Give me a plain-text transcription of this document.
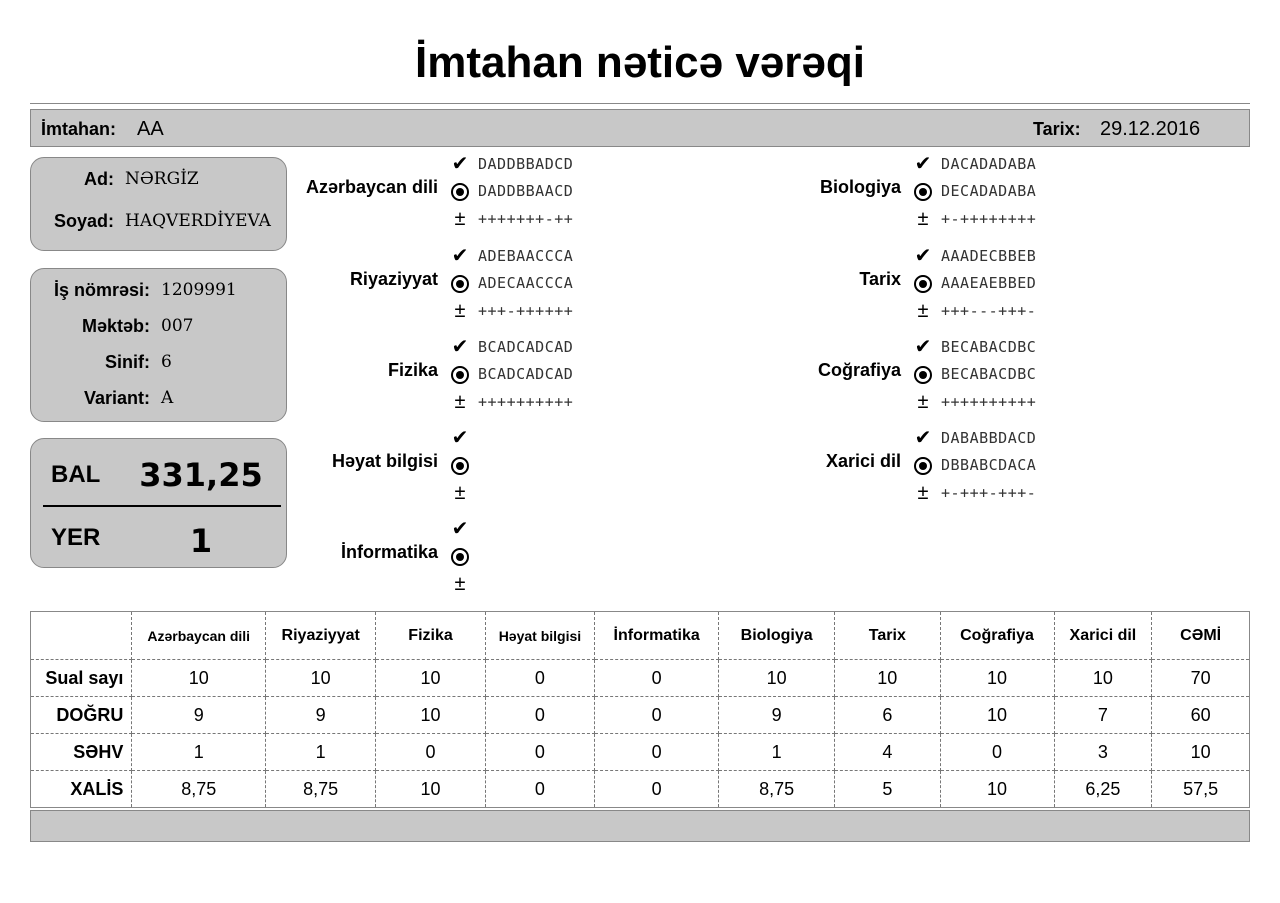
İmtahan nəticə vərəqi
İmtahan: AA	Tarix: 29.12.2016
Ad: NƏRGİZ
Soyad: HAQVERDİYEVA
İş nömrəsi: 1209991
Məktəb: 007
Sinif: 6
Variant: A
BAL	331,25
YER	1
Azərbaycan dili
✔ DADDBBADCD
DADDBBAACD
± +++++++-++
Riyaziyyat
✔ ADEBAACCCA
ADECAACCCA
± +++-++++++
Fizika
✔ BCADCADCAD
BCADCADCAD
± ++++++++++
Həyat bilgisi
✔
±
İnformatika
✔
±
Biologiya
✔ DACADADABA
DECADADABA
± +-++++++++
Tarix
✔ AAADECBBEB
AAAEAEBBED
± +++---+++-
Coğrafiya
✔ BECABACDBC
BECABACDBC
± ++++++++++
Xarici dil
✔ DABABBDACD
DBBABCDACA
± +-+++-+++-
	Azərbaycan dili	Riyaziyyat	Fizika	Həyat bilgisi	İnformatika	Biologiya	Tarix	Coğrafiya	Xarici dil	CƏMİ
Sual sayı	10	10	10	0	0	10	10	10	10	70
DOĞRU	9	9	10	0	0	9	6	10	7	60
SƏHV	1	1	0	0	0	1	4	0	3	10
XALİS	8,75	8,75	10	0	0	8,75	5	10	6,25	57,5
